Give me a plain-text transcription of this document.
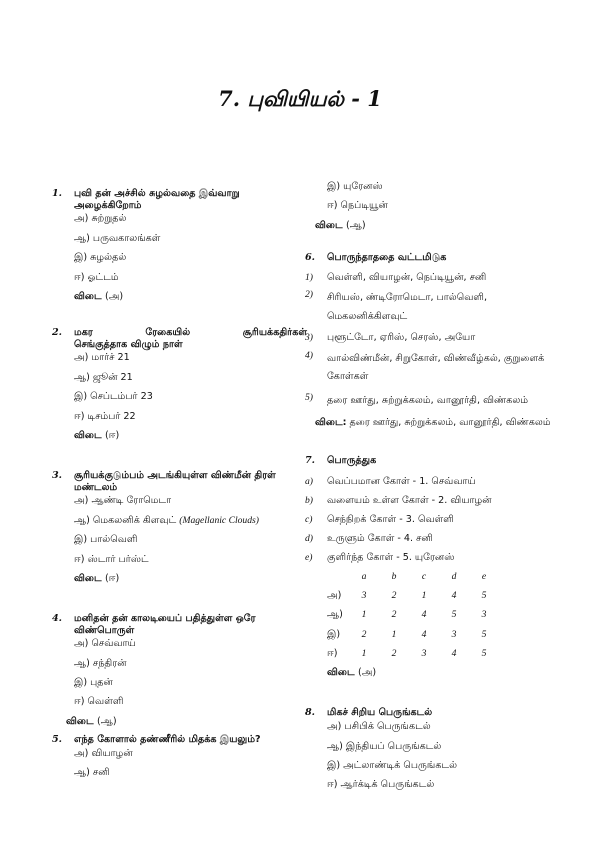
7. புவியியல் - 1
1.	புவி தன் அச்சில் சுழல்வதை இவ்வாறு அழைக்கிறோம்
அ) சுற்றுதல்
ஆ) பருவகாலங்கள்
இ) சுழல்தல்
ஈ) ஓட்டம்
விடை (அ)
2.	மகர ரேகையில் சூரியக்கதிர்கள்
செங்குத்தாக விழும் நாள்
அ) மார்ச் 21
ஆ) ஜூன் 21
இ) செப்டம்பர் 23
ஈ) டிசம்பர் 22
விடை (ஈ)
3.	சூரியக்குடும்பம் அடங்கியுள்ள விண்மீன் திரள் மண்டலம்
அ) ஆண்டி ரோமெடா
ஆ) மெகலனிக் கிளவுட் (Magellanic Clouds)
இ) பால்வெளி
ஈ) ஸ்டார் பர்ஸ்ட்
விடை (ஈ)
4.	மனிதன் தன் காலடியைப் பதித்துள்ள ஒரே விண்பொருள்
அ) செவ்வாய்
ஆ) சந்திரன்
இ) புதன்
ஈ) வெள்ளி
விடை (ஆ)
5.	எந்த கோளால் தண்ணீரில் மிதக்க இயலும்?
அ) வியாழன்
ஆ) சனி
இ) யுரேனஸ்
ஈ) நெப்டியூன்
விடை (ஆ)
6.	பொருந்தாததை வட்டமிடுக
1)	வெள்ளி, வியாழன், நெப்டியூன், சனி
2)	சிரியஸ், ண்டிரோமெடா, பால்வெளி, மெகலனிக்கிளவுட்
3)	புளூட்டோ, ஏரிஸ், செரஸ், அயோ
4)	வால்விண்மீன், சிறுகோள், விண்வீழ்கல், குறுளைக் கோள்கள்
5)	தரை ஊர்து, சுற்றுக்கலம், வானூர்தி, விண்கலம்
விடை: தரை ஊர்து, சுற்றுக்கலம், வானூர்தி, விண்கலம்
7.	பொருத்துக
a)	வெப்பமான கோள் - 1. செவ்வாய்
b)	வளையம் உள்ள கோள் - 2. வியாழன்
c)	செந்நிறக் கோள் - 3. வெள்ளி
d)	உருளும் கோள் - 4. சனி
e)	குளிர்ந்த கோள் - 5. யுரேனஸ்
a	b	c	d	e
அ)	3	2	1	4	5
ஆ)	1	2	4	5	3
இ)	2	1	4	3	5
ஈ)	1	2	3	4	5
விடை (அ)
8.	மிகச் சிறிய பெருங்கடல்
அ) பசிபிக் பெருங்கடல்
ஆ) இந்தியப் பெருங்கடல்
இ) அட்லாண்டிக் பெருங்கடல்
ஈ) ஆர்க்டிக் பெருங்கடல்
